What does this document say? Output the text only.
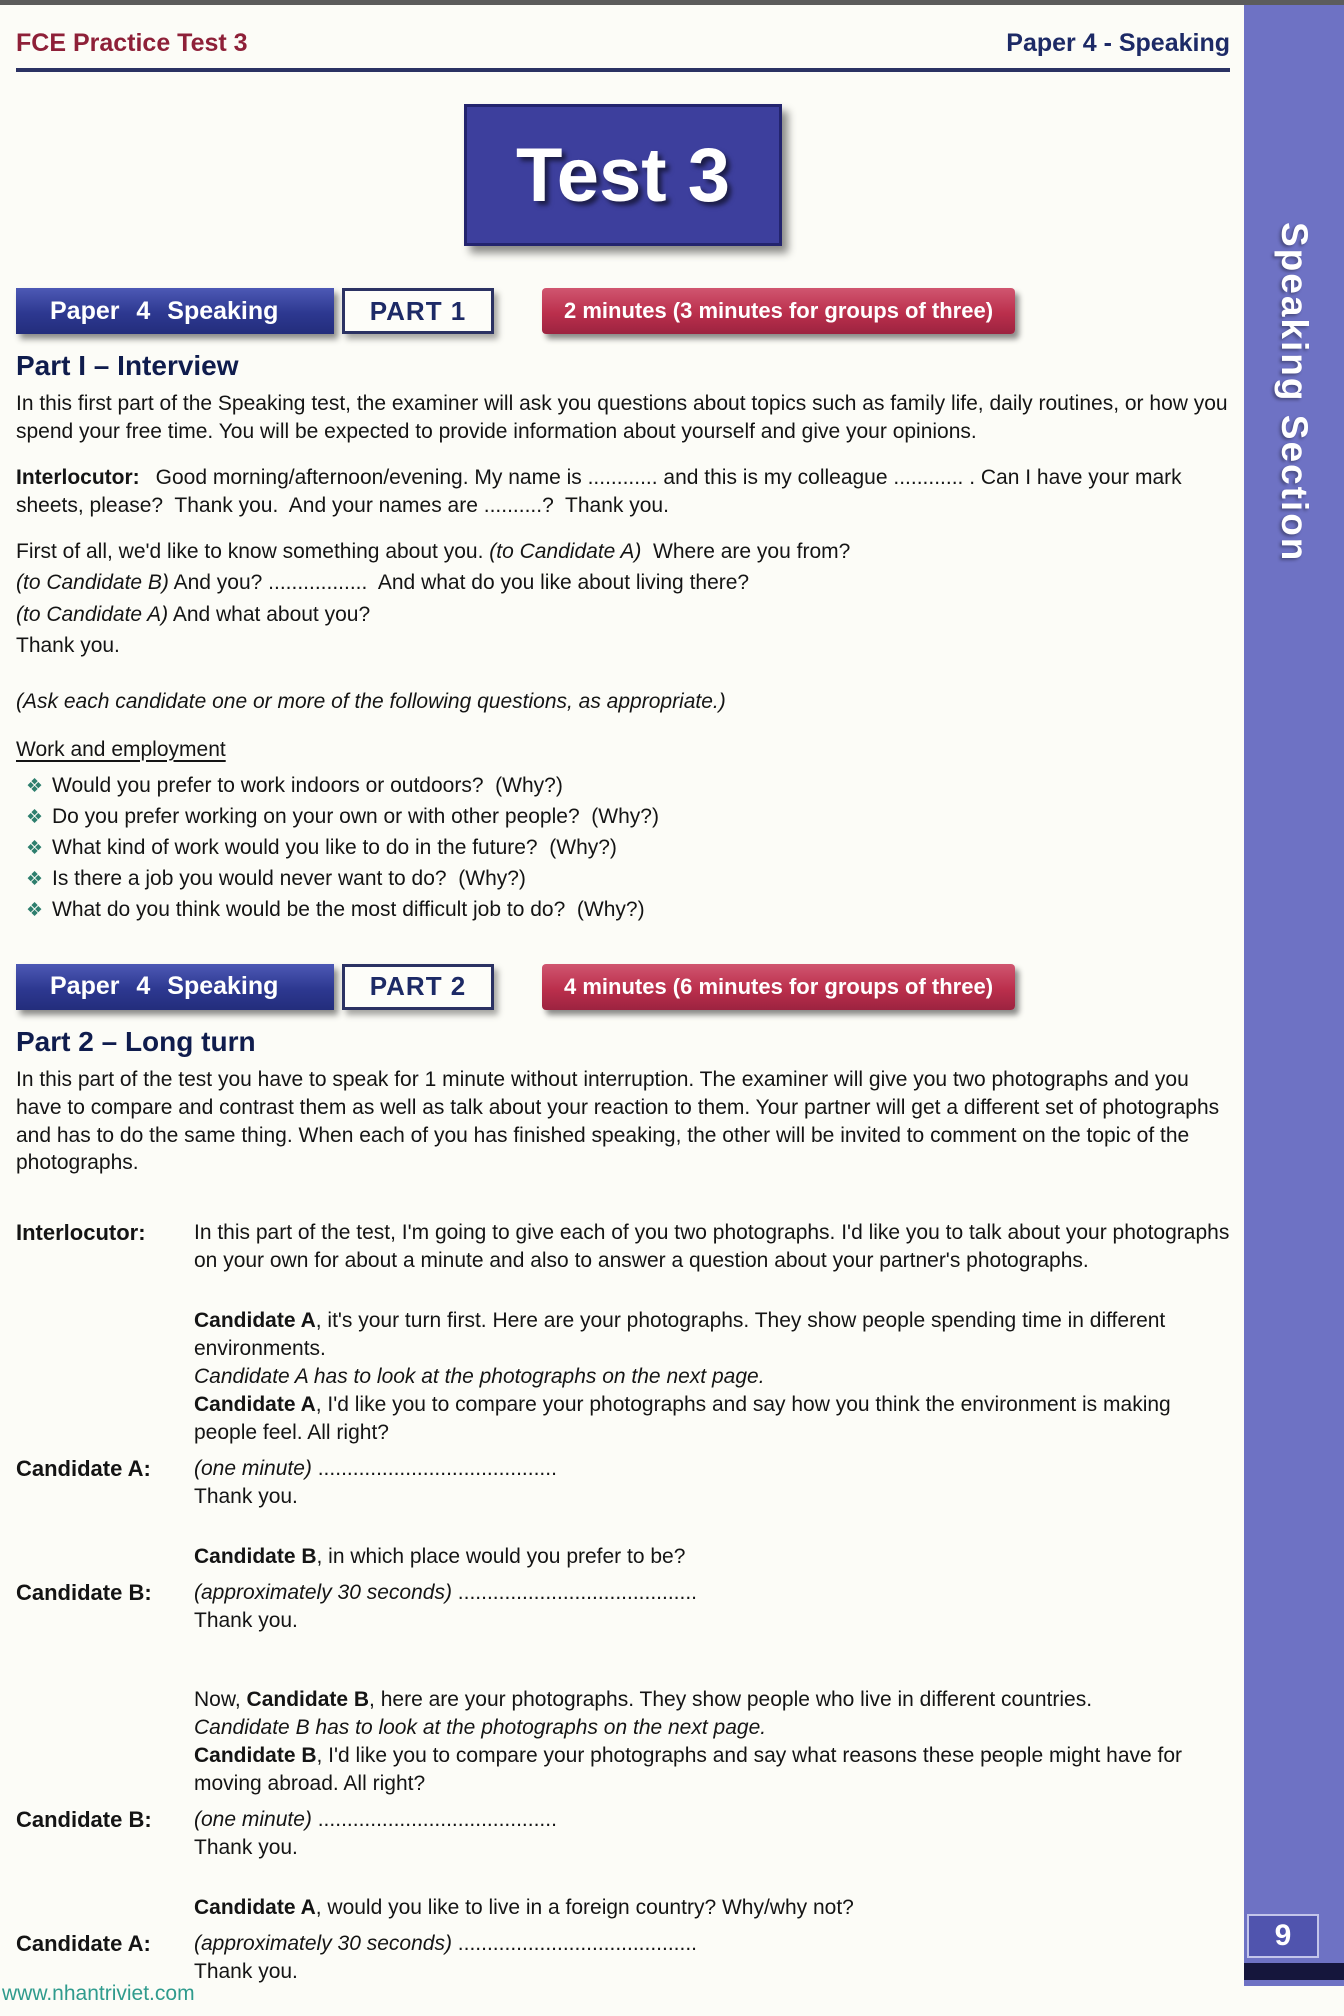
FCE Practice Test 3	Paper 4 - Speaking
Test 3
Paper 4 Speaking	PART 1	2 minutes (3 minutes for groups of three)
Part I – Interview

In this first part of the Speaking test, the examiner will ask you questions about topics such as family life, daily routines, or how you spend your free time. You will be expected to provide information about yourself and give your opinions.

Interlocutor: Good morning/afternoon/evening. My name is ............ and this is my colleague ............ . Can I have your mark sheets, please?  Thank you.  And your names are ..........?  Thank you.

First of all, we'd like to know something about you. (to Candidate A)  Where are you from?
(to Candidate B) And you? .................  And what do you like about living there?
(to Candidate A) And what about you?
Thank you.

(Ask each candidate one or more of the following questions, as appropriate.)

Work and employment

❖ Would you prefer to work indoors or outdoors?  (Why?)
❖ Do you prefer working on your own or with other people?  (Why?)
❖ What kind of work would you like to do in the future?  (Why?)
❖ Is there a job you would never want to do?  (Why?)
❖ What do you think would be the most difficult job to do?  (Why?)
Paper 4 Speaking	PART 2	4 minutes (6 minutes for groups of three)
Part 2 – Long turn

In this part of the test you have to speak for 1 minute without interruption. The examiner will give you two photographs and you have to compare and contrast them as well as talk about your reaction to them. Your partner will get a different set of photographs and has to do the same thing. When each of you has finished speaking, the other will be invited to comment on the topic of the photographs.

Interlocutor:	In this part of the test, I'm going to give each of you two photographs. I'd like you to talk about your photographs on your own for about a minute and also to answer a question about your partner's photographs.
Candidate A, it's your turn first. Here are your photographs. They show people spending time in different environments.
Candidate A has to look at the photographs on the next page.
Candidate A, I'd like you to compare your photographs and say how you think the environment is making people feel. All right?
Candidate A:	(one minute) .........................................
Thank you.
Candidate B, in which place would you prefer to be?
Candidate B:	(approximately 30 seconds) .........................................
Thank you.
Now, Candidate B, here are your photographs. They show people who live in different countries.
Candidate B has to look at the photographs on the next page.
Candidate B, I'd like you to compare your photographs and say what reasons these people might have for moving abroad. All right?
Candidate B:	(one minute) .........................................
Thank you.
Candidate A, would you like to live in a foreign country? Why/why not?
Candidate A:	(approximately 30 seconds) .........................................
Thank you.
Speaking Section
9
www.nhantriviet.com
